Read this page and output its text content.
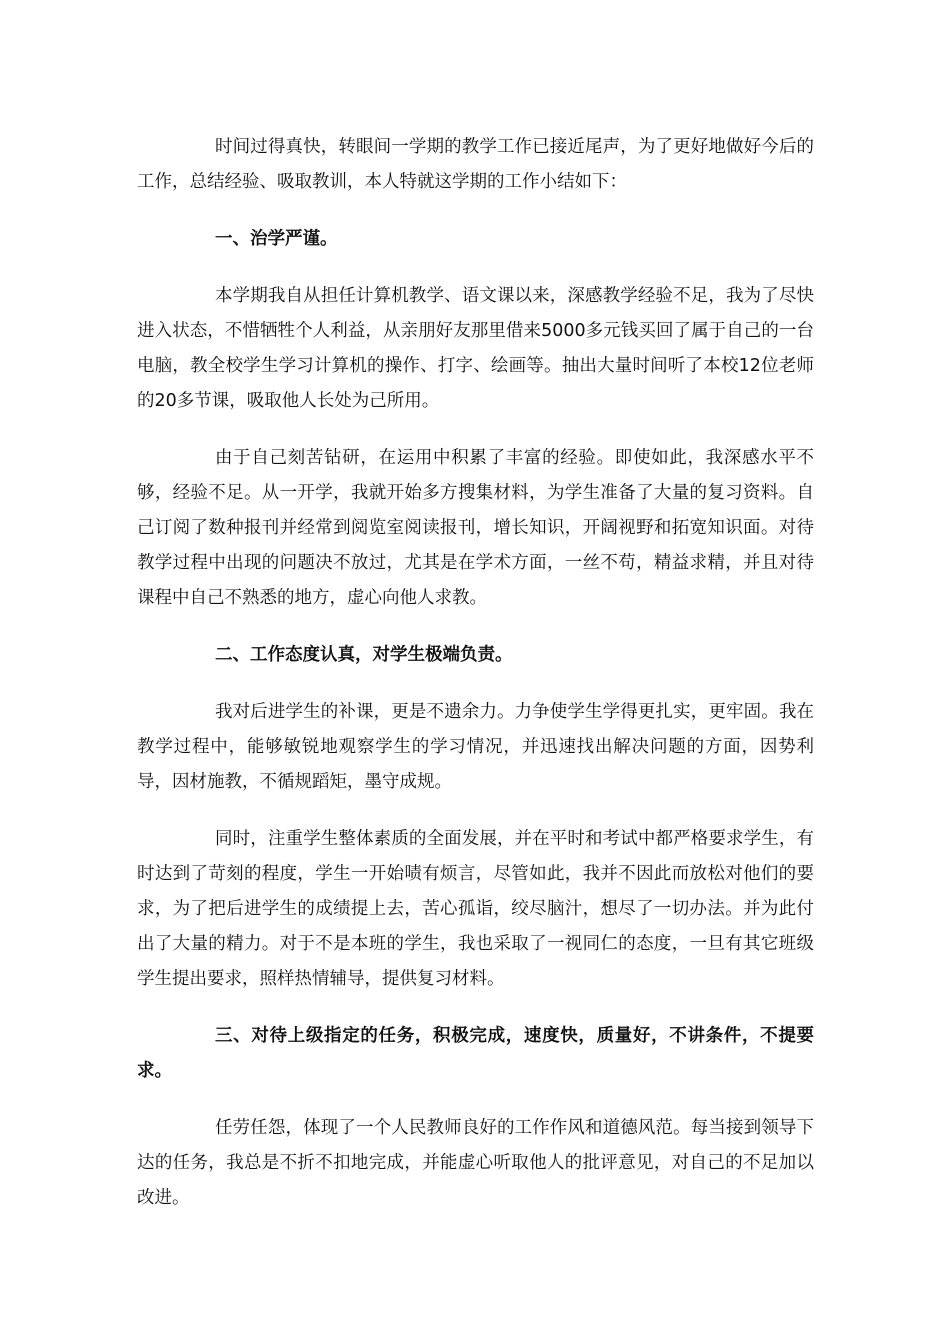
时间过得真快，转眼间一学期的教学工作已接近尾声，为了更好地做好今后的工作，总结经验、吸取教训，本人特就这学期的工作小结如下：

一、治学严谨。

本学期我自从担任计算机教学、语文课以来，深感教学经验不足，我为了尽快进入状态，不惜牺牲个人利益，从亲朋好友那里借来5000多元钱买回了属于自己的一台电脑，教全校学生学习计算机的操作、打字、绘画等。抽出大量时间听了本校12位老师的20多节课，吸取他人长处为己所用。

由于自己刻苦钻研，在运用中积累了丰富的经验。即使如此，我深感水平不够，经验不足。从一开学，我就开始多方搜集材料，为学生准备了大量的复习资料。自己订阅了数种报刊并经常到阅览室阅读报刊，增长知识，开阔视野和拓宽知识面。对待教学过程中出现的问题决不放过，尤其是在学术方面，一丝不苟，精益求精，并且对待课程中自己不熟悉的地方，虚心向他人求教。

二、工作态度认真，对学生极端负责。

我对后进学生的补课，更是不遗余力。力争使学生学得更扎实，更牢固。我在教学过程中，能够敏锐地观察学生的学习情况，并迅速找出解决问题的方面，因势利导，因材施教，不循规蹈矩，墨守成规。

同时，注重学生整体素质的全面发展，并在平时和考试中都严格要求学生，有时达到了苛刻的程度，学生一开始啧有烦言，尽管如此，我并不因此而放松对他们的要求，为了把后进学生的成绩提上去，苦心孤诣，绞尽脑汁，想尽了一切办法。并为此付出了大量的精力。对于不是本班的学生，我也采取了一视同仁的态度，一旦有其它班级学生提出要求，照样热情辅导，提供复习材料。

三、对待上级指定的任务，积极完成，速度快，质量好，不讲条件，不提要求。

任劳任怨，体现了一个人民教师良好的工作作风和道德风范。每当接到领导下达的任务，我总是不折不扣地完成，并能虚心听取他人的批评意见，对自己的不足加以改进。
